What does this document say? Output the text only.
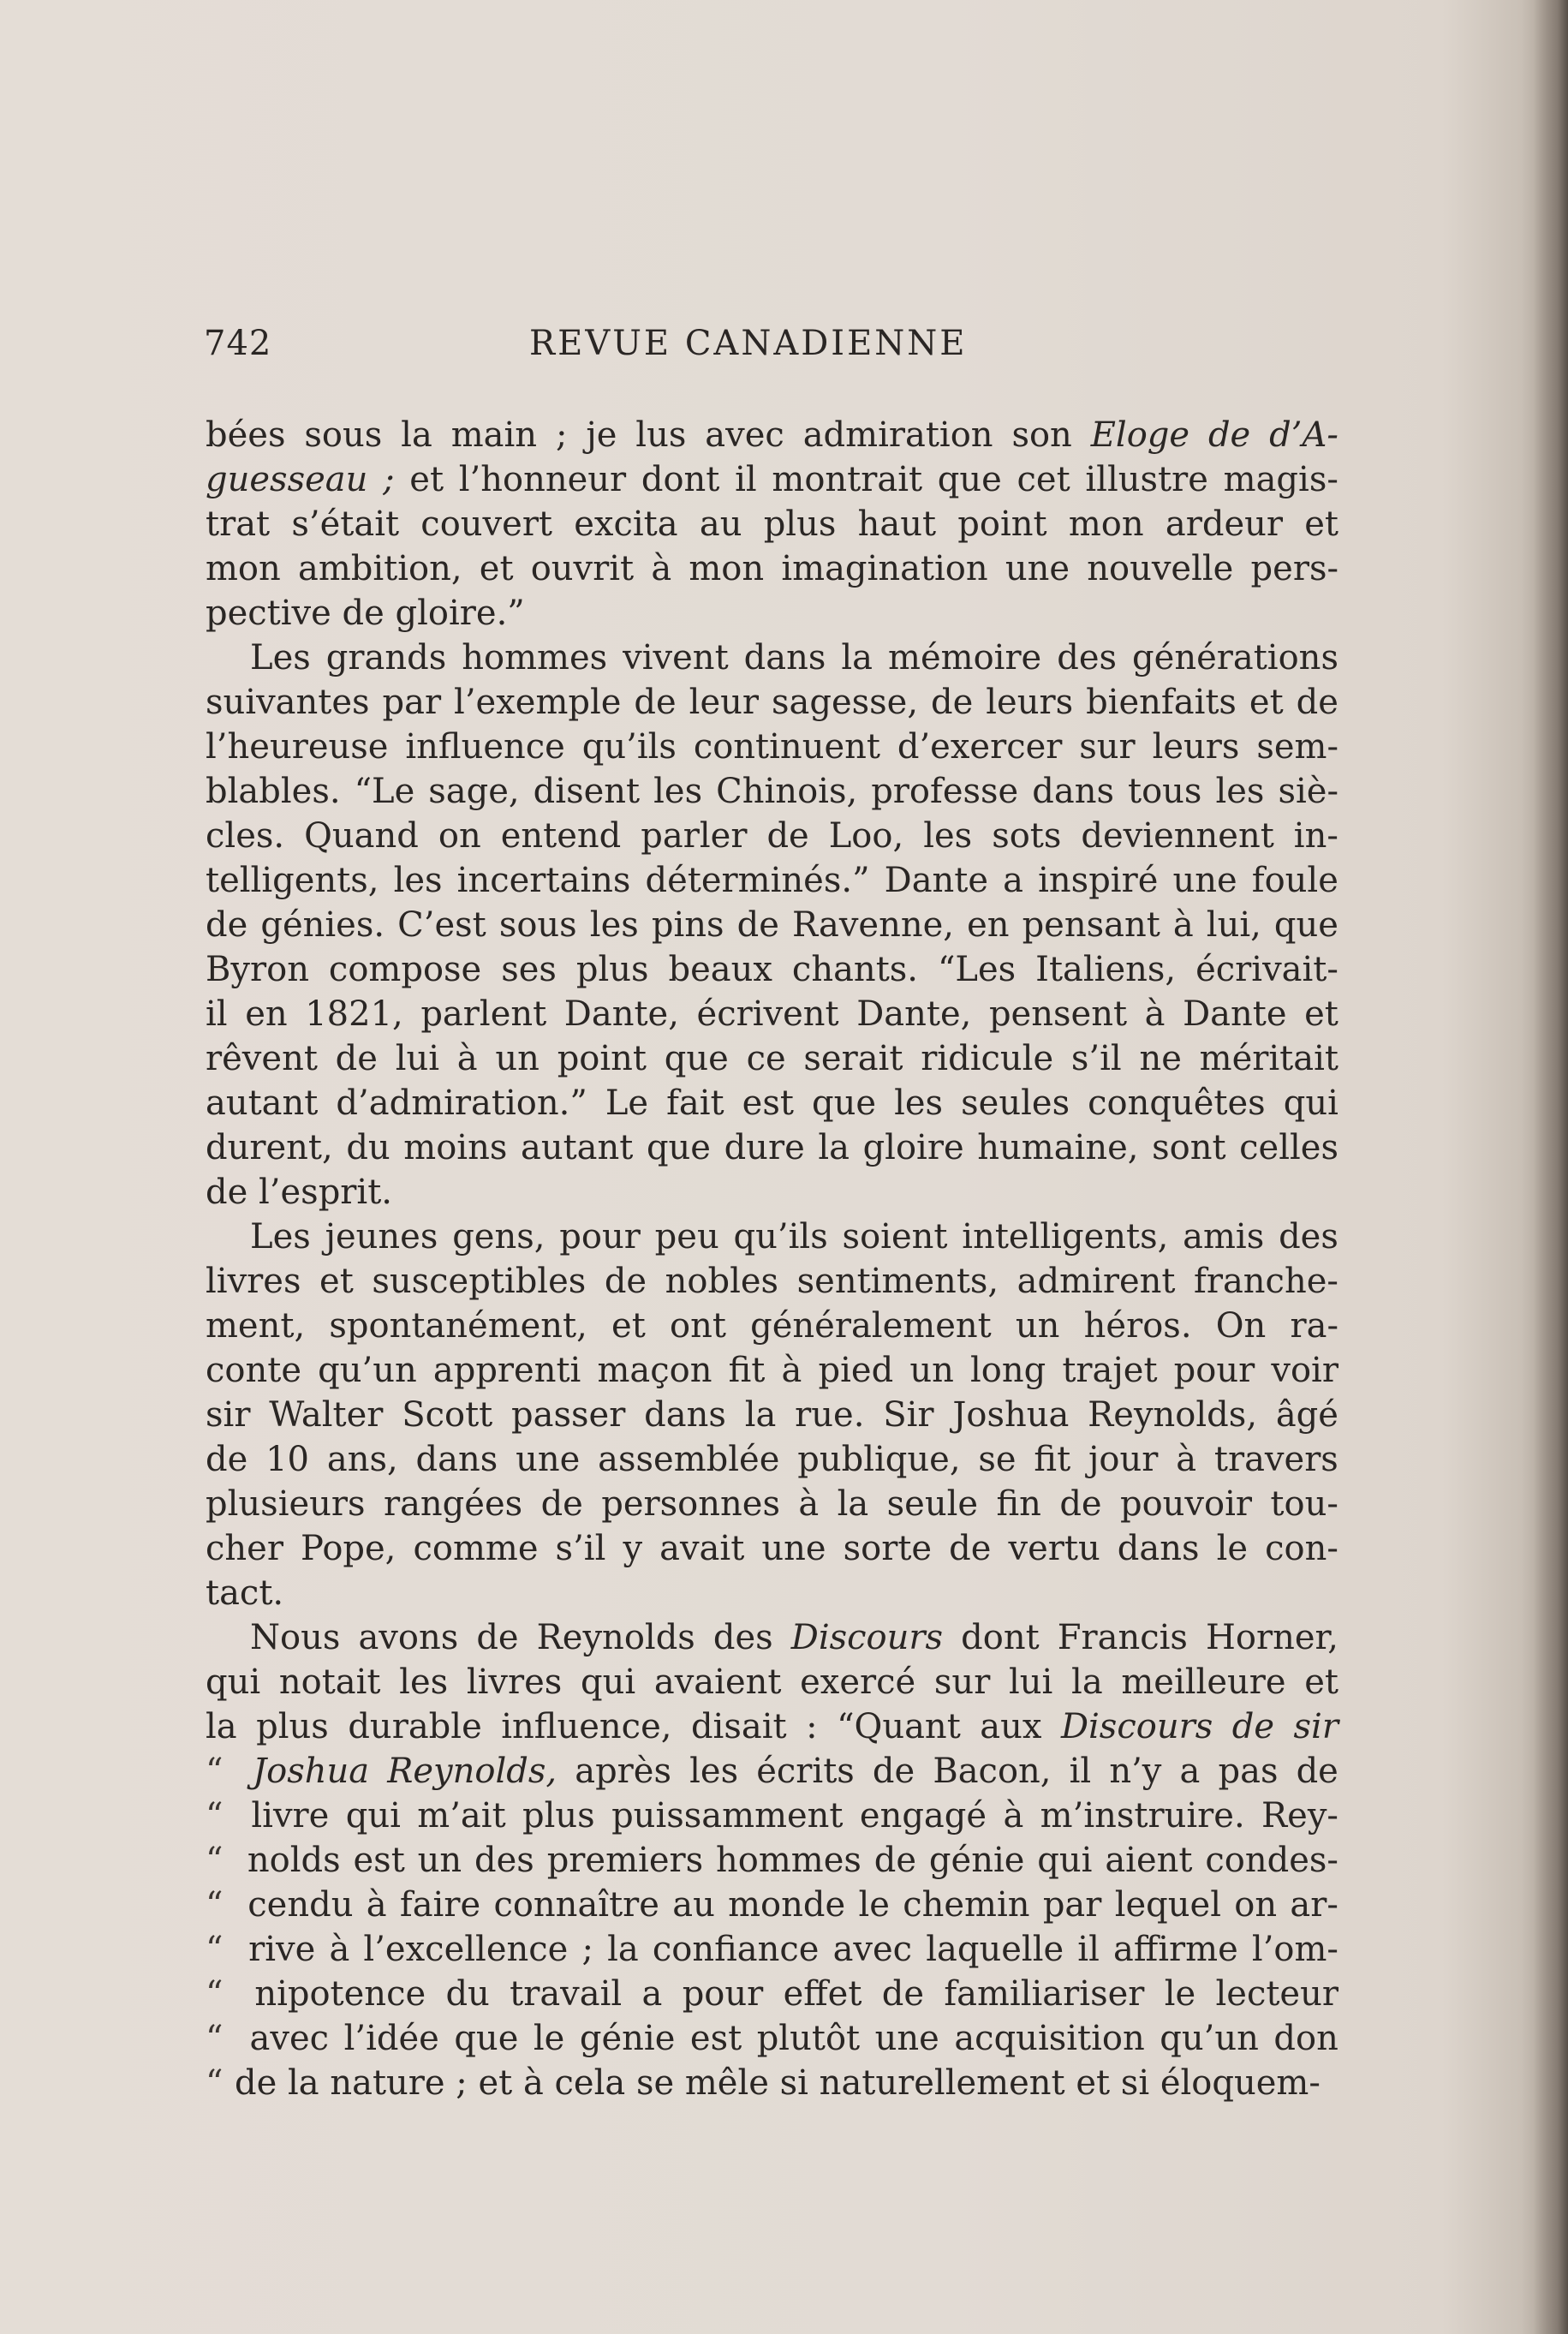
742	REVUE CANADIENNE
bées sous la main ; je lus avec admiration son Eloge de d’A-
guesseau ; et l’honneur dont il montrait que cet illustre magis-
trat s’était couvert excita au plus haut point mon ardeur et
mon ambition, et ouvrit à mon imagination une nouvelle pers-
pective de gloire.”
Les grands hommes vivent dans la mémoire des générations
suivantes par l’exemple de leur sagesse, de leurs bienfaits et de
l’heureuse influence qu’ils continuent d’exercer sur leurs sem-
blables. “Le sage, disent les Chinois, professe dans tous les siè-
cles. Quand on entend parler de Loo, les sots deviennent in-
telligents, les incertains déterminés.” Dante a inspiré une foule
de génies. C’est sous les pins de Ravenne, en pensant à lui, que
Byron compose ses plus beaux chants. “Les Italiens, écrivait-
il en 1821, parlent Dante, écrivent Dante, pensent à Dante et
rêvent de lui à un point que ce serait ridicule s’il ne méritait
autant d’admiration.” Le fait est que les seules conquêtes qui
durent, du moins autant que dure la gloire humaine, sont celles
de l’esprit.
Les jeunes gens, pour peu qu’ils soient intelligents, amis des
livres et susceptibles de nobles sentiments, admirent franche-
ment, spontanément, et ont généralement un héros. On ra-
conte qu’un apprenti maçon fit à pied un long trajet pour voir
sir Walter Scott passer dans la rue. Sir Joshua Reynolds, âgé
de 10 ans, dans une assemblée publique, se fit jour à travers
plusieurs rangées de personnes à la seule fin de pouvoir tou-
cher Pope, comme s’il y avait une sorte de vertu dans le con-
tact.
Nous avons de Reynolds des Discours dont Francis Horner,
qui notait les livres qui avaient exercé sur lui la meilleure et
la plus durable influence, disait : “Quant aux Discours de sir
“ Joshua Reynolds, après les écrits de Bacon, il n’y a pas de
“ livre qui m’ait plus puissamment engagé à m’instruire. Rey-
“ nolds est un des premiers hommes de génie qui aient condes-
“ cendu à faire connaître au monde le chemin par lequel on ar-
“ rive à l’excellence ; la confiance avec laquelle il affirme l’om-
“ nipotence du travail a pour effet de familiariser le lecteur
“ avec l’idée que le génie est plutôt une acquisition qu’un don
“ de la nature ; et à cela se mêle si naturellement et si éloquem-
